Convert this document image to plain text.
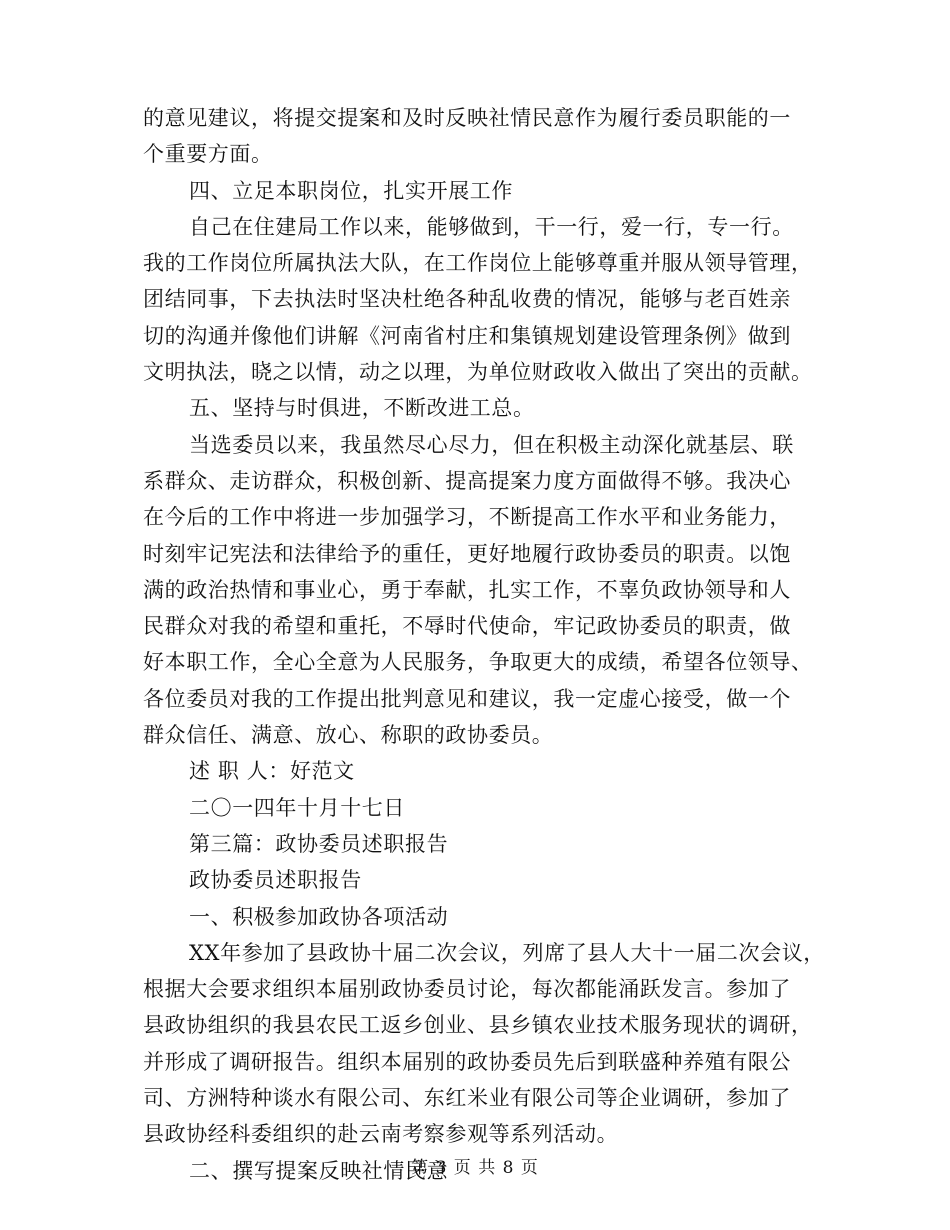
的意见建议，将提交提案和及时反映社情民意作为履行委员职能的一
个重要方面。
四、立足本职岗位，扎实开展工作
自己在住建局工作以来，能够做到，干一行，爱一行，专一行。
我的工作岗位所属执法大队，在工作岗位上能够尊重并服从领导管理，
团结同事，下去执法时坚决杜绝各种乱收费的情况，能够与老百姓亲
切的沟通并像他们讲解《河南省村庄和集镇规划建设管理条例》做到
文明执法，晓之以情，动之以理，为单位财政收入做出了突出的贡献。
五、坚持与时俱进，不断改进工总。
当选委员以来，我虽然尽心尽力，但在积极主动深化就基层、联
系群众、走访群众，积极创新、提高提案力度方面做得不够。我决心
在今后的工作中将进一步加强学习，不断提高工作水平和业务能力，
时刻牢记宪法和法律给予的重任，更好地履行政协委员的职责。以饱
满的政治热情和事业心，勇于奉献，扎实工作，不辜负政协领导和人
民群众对我的希望和重托，不辱时代使命，牢记政协委员的职责，做
好本职工作，全心全意为人民服务，争取更大的成绩，希望各位领导、
各位委员对我的工作提出批判意见和建议，我一定虚心接受，做一个
群众信任、满意、放心、称职的政协委员。
述 职 人：好范文
二〇一四年十月十七日
第三篇：政协委员述职报告
政协委员述职报告
一、积极参加政协各项活动
XX年参加了县政协十届二次会议，列席了县人大十一届二次会议，
根据大会要求组织本届别政协委员讨论，每次都能涌跃发言。参加了
县政协组织的我县农民工返乡创业、县乡镇农业技术服务现状的调研，
并形成了调研报告。组织本届别的政协委员先后到联盛种养殖有限公
司、方洲特种谈水有限公司、东红米业有限公司等企业调研，参加了
县政协经科委组织的赴云南考察参观等系列活动。
二、撰写提案反映社情民意
第 3 页 共 8 页
